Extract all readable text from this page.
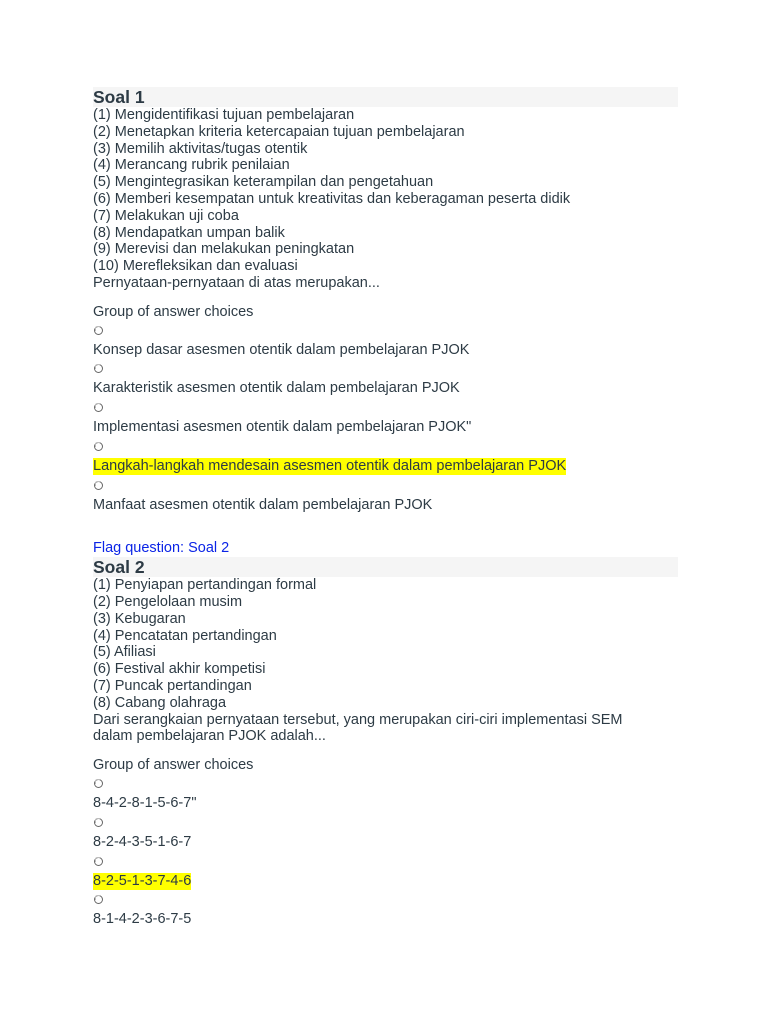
Soal 1
(1) Mengidentifikasi tujuan pembelajaran
(2) Menetapkan kriteria ketercapaian tujuan pembelajaran
(3) Memilih aktivitas/tugas otentik
(4) Merancang rubrik penilaian
(5) Mengintegrasikan keterampilan dan pengetahuan
(6) Memberi kesempatan untuk kreativitas dan keberagaman peserta didik
(7) Melakukan uji coba
(8) Mendapatkan umpan balik
(9) Merevisi dan melakukan peningkatan
(10) Merefleksikan dan evaluasi
Pernyataan-pernyataan di atas merupakan...
Group of answer choices
Konsep dasar asesmen otentik dalam pembelajaran PJOK
Karakteristik asesmen otentik dalam pembelajaran PJOK
Implementasi asesmen otentik dalam pembelajaran PJOK"
Langkah-langkah mendesain asesmen otentik dalam pembelajaran PJOK
Manfaat asesmen otentik dalam pembelajaran PJOK
Flag question: Soal 2
Soal 2
(1) Penyiapan pertandingan formal
(2) Pengelolaan musim
(3) Kebugaran
(4) Pencatatan pertandingan
(5) Afiliasi
(6) Festival akhir kompetisi
(7) Puncak pertandingan
(8) Cabang olahraga
Dari serangkaian pernyataan tersebut, yang merupakan ciri-ciri implementasi SEM
dalam pembelajaran PJOK adalah...
Group of answer choices
8-4-2-8-1-5-6-7"
8-2-4-3-5-1-6-7
8-2-5-1-3-7-4-6
8-1-4-2-3-6-7-5
